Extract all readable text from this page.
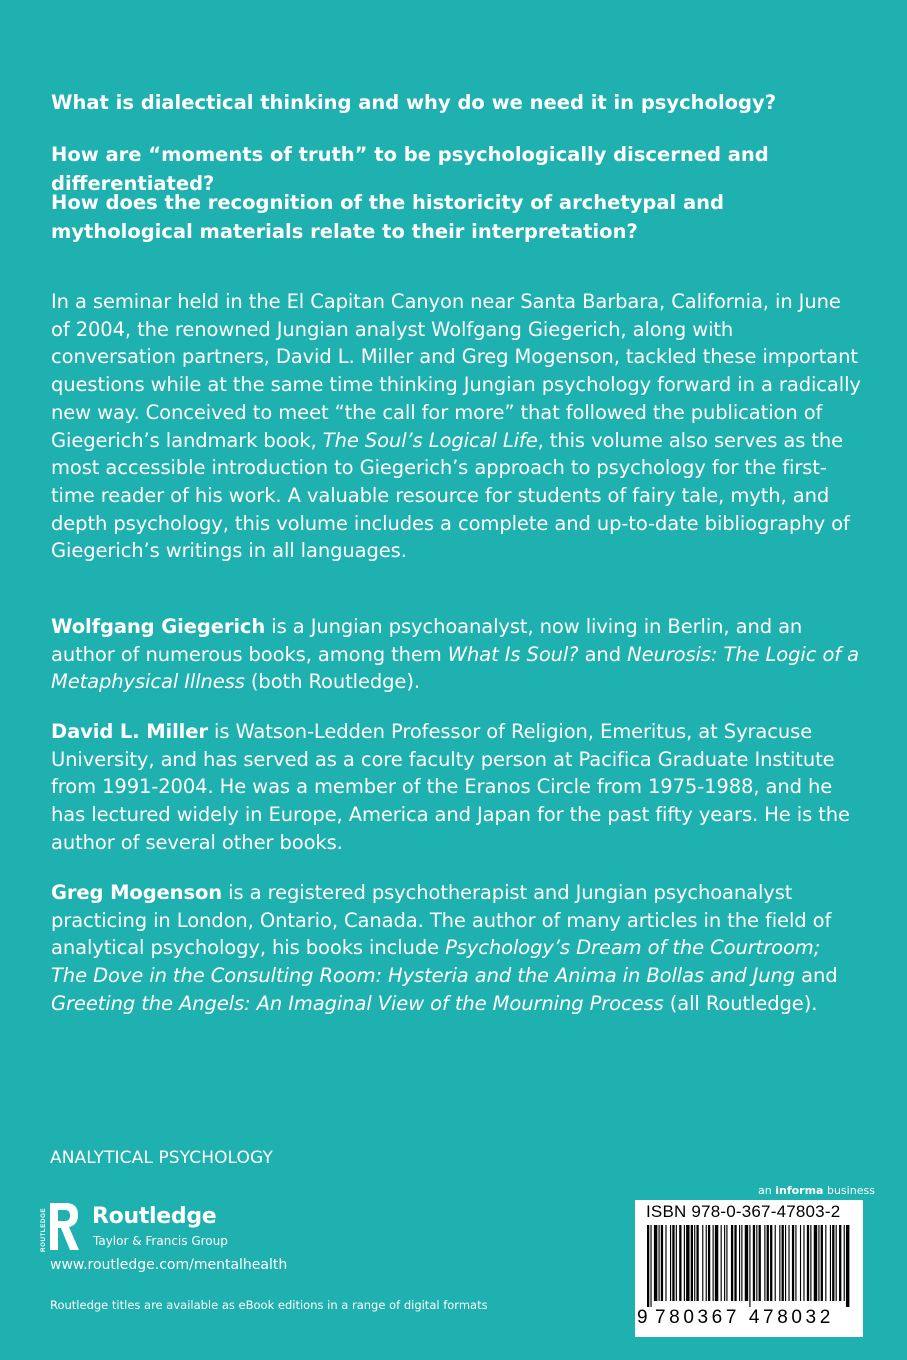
What is dialectical thinking and why do we need it in psychology?

How are “moments of truth” to be psychologically discerned and differentiated?

How does the recognition of the historicity of archetypal and mythological materials relate to their interpretation?

In a seminar held in the El Capitan Canyon near Santa Barbara, California, in June of 2004, the renowned Jungian analyst Wolfgang Giegerich, along with conversation partners, David L. Miller and Greg Mogenson, tackled these important questions while at the same time thinking Jungian psychology forward in a radically new way. Conceived to meet “the call for more” that followed the publication of Giegerich’s landmark book, The Soul’s Logical Life, this volume also serves as the most accessible introduction to Giegerich’s approach to psychology for the first-time reader of his work. A valuable resource for students of fairy tale, myth, and depth psychology, this volume includes a complete and up-to-date bibliography of Giegerich’s writings in all languages.

Wolfgang Giegerich is a Jungian psychoanalyst, now living in Berlin, and an author of numerous books, among them What Is Soul? and Neurosis: The Logic of a Metaphysical Illness (both Routledge).

David L. Miller is Watson-Ledden Professor of Religion, Emeritus, at Syracuse University, and has served as a core faculty person at Pacifica Graduate Institute from 1991-2004. He was a member of the Eranos Circle from 1975-1988, and he has lectured widely in Europe, America and Japan for the past fifty years. He is the author of several other books.

Greg Mogenson is a registered psychotherapist and Jungian psychoanalyst practicing in London, Ontario, Canada. The author of many articles in the field of analytical psychology, his books include Psychology’s Dream of the Courtroom; The Dove in the Consulting Room: Hysteria and the Anima in Bollas and Jung and Greeting the Angels: An Imaginal View of the Mourning Process (all Routledge).

ANALYTICAL PSYCHOLOGY
ROUTLEDGE Routledge
Taylor & Francis Group
www.routledge.com/mentalhealth
Routledge titles are available as eBook editions in a range of digital formats
an informa business
ISBN 978-0-367-47803-2
9 780367 478032
